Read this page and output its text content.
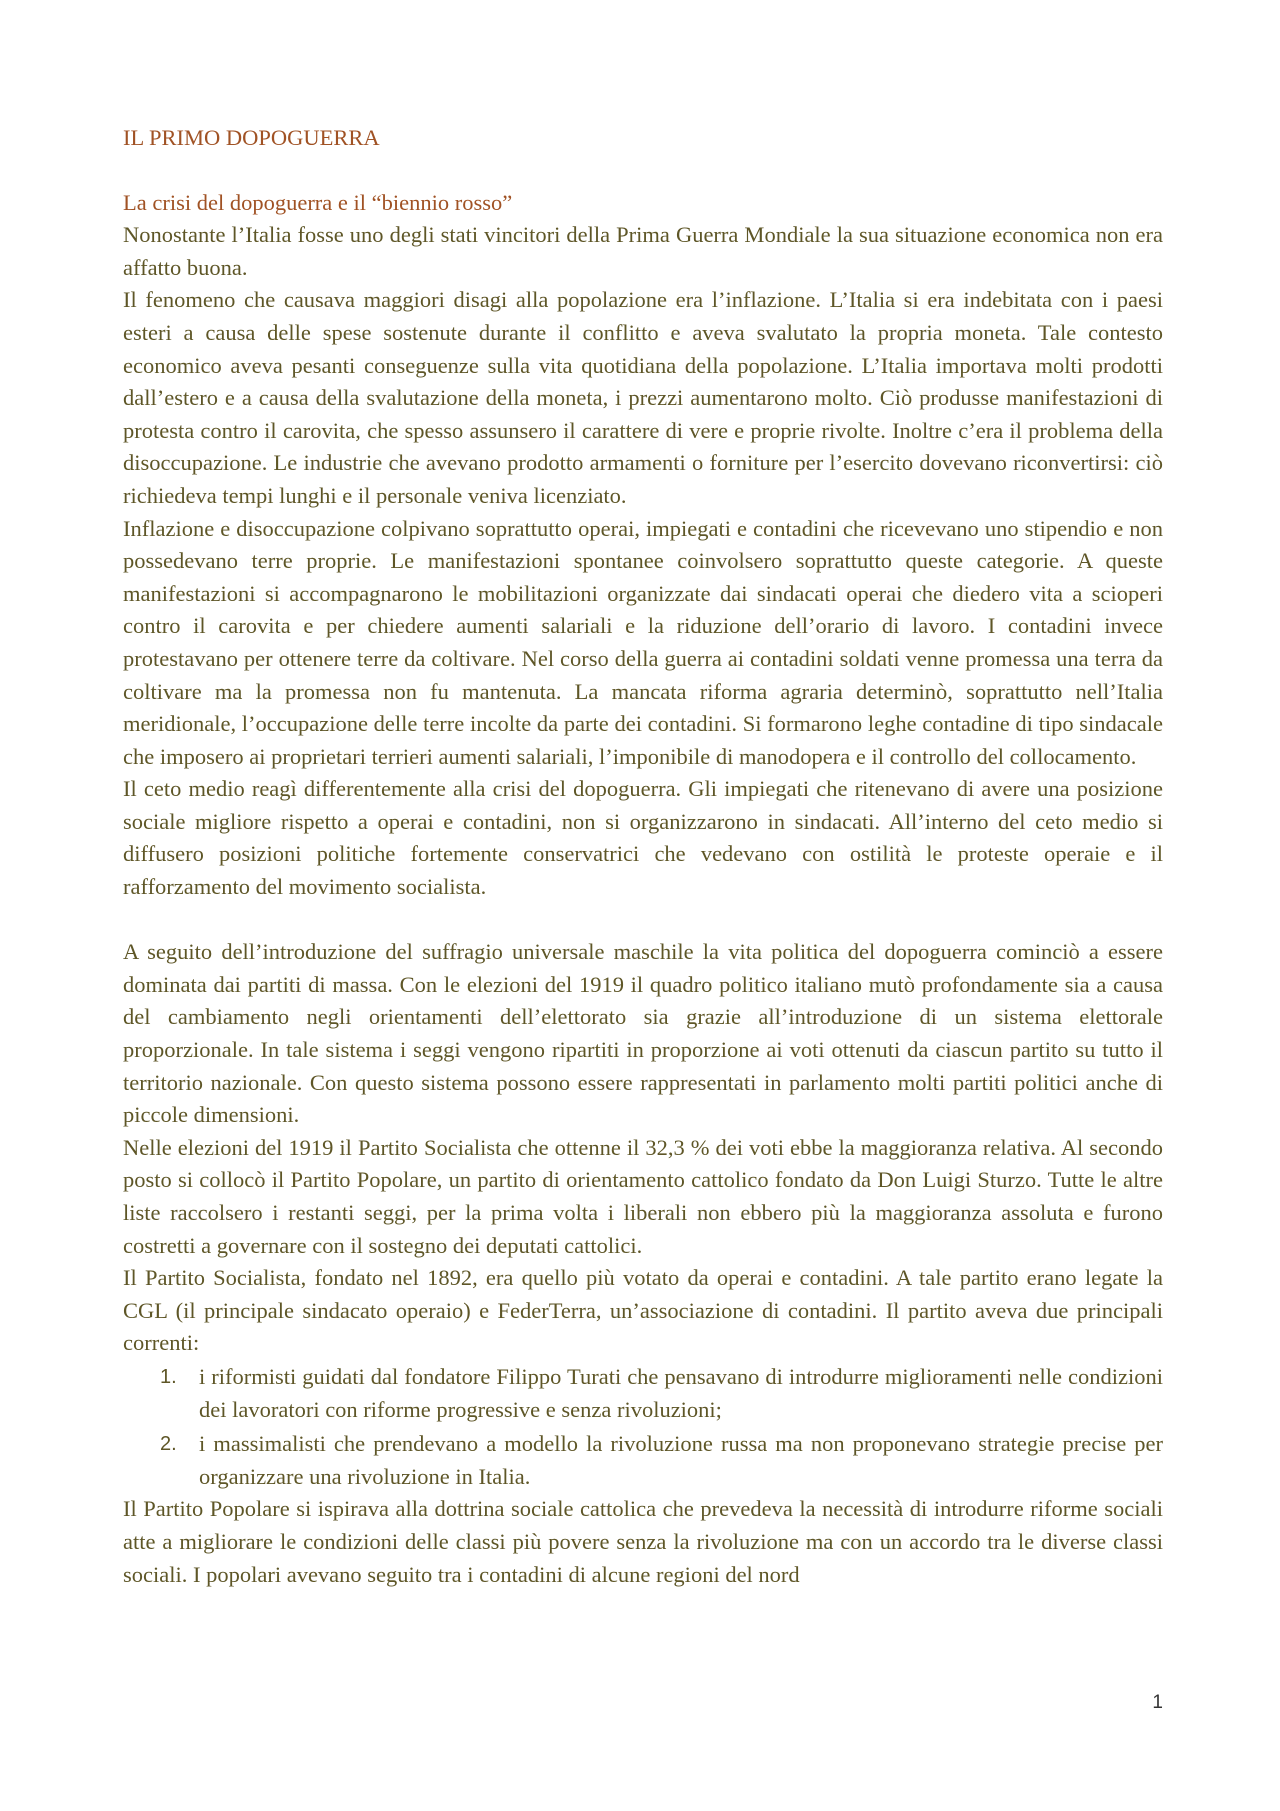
IL PRIMO DOPOGUERRA
La crisi del dopoguerra e il “biennio rosso”

Nonostante l’Italia fosse uno degli stati vincitori della Prima Guerra Mondiale la sua situazione economica non era affatto buona.

Il fenomeno che causava maggiori disagi alla popolazione era l’inflazione. L’Italia si era indebitata con i paesi esteri a causa delle spese sostenute durante il conflitto e aveva svalutato la propria moneta. Tale contesto economico aveva pesanti conseguenze sulla vita quotidiana della popolazione. L’Italia importava molti prodotti dall’estero e a causa della svalutazione della moneta, i prezzi aumentarono molto. Ciò produsse manifestazioni di protesta contro il carovita, che spesso assunsero il carattere di vere e proprie rivolte. Inoltre c’era il problema della disoccupazione. Le industrie che avevano prodotto armamenti o forniture per l’esercito dovevano riconvertirsi: ciò richiedeva tempi lunghi e il personale veniva licenziato.

Inflazione e disoccupazione colpivano soprattutto operai, impiegati e contadini che ricevevano uno stipendio e non possedevano terre proprie. Le manifestazioni spontanee coinvolsero soprattutto queste categorie. A queste manifestazioni si accompagnarono le mobilitazioni organizzate dai sindacati operai che diedero vita a scioperi contro il carovita e per chiedere aumenti salariali e la riduzione dell’orario di lavoro. I contadini invece protestavano per ottenere terre da coltivare. Nel corso della guerra ai contadini soldati venne promessa una terra da coltivare ma la promessa non fu mantenuta. La mancata riforma agraria determinò, soprattutto nell’Italia meridionale, l’occupazione delle terre incolte da parte dei contadini. Si formarono leghe contadine di tipo sindacale che imposero ai proprietari terrieri aumenti salariali, l’imponibile di manodopera e il controllo del collocamento.

Il ceto medio reagì differentemente alla crisi del dopoguerra. Gli impiegati che ritenevano di avere una posizione sociale migliore rispetto a operai e contadini, non si organizzarono in sindacati. All’interno del ceto medio si diffusero posizioni politiche fortemente conservatrici che vedevano con ostilità le proteste operaie e il rafforzamento del movimento socialista.

A seguito dell’introduzione del suffragio universale maschile la vita politica del dopoguerra cominciò a essere dominata dai partiti di massa. Con le elezioni del 1919 il quadro politico italiano mutò profondamente sia a causa del cambiamento negli orientamenti dell’elettorato sia grazie all’introduzione di un sistema elettorale proporzionale. In tale sistema i seggi vengono ripartiti in proporzione ai voti ottenuti da ciascun partito su tutto il territorio nazionale. Con questo sistema possono essere rappresentati in parlamento molti partiti politici anche di piccole dimensioni.

Nelle elezioni del 1919 il Partito Socialista che ottenne il 32,3 % dei voti ebbe la maggioranza relativa. Al secondo posto si collocò il Partito Popolare, un partito di orientamento cattolico fondato da Don Luigi Sturzo. Tutte le altre liste raccolsero i restanti seggi, per la prima volta i liberali non ebbero più la maggioranza assoluta e furono costretti a governare con il sostegno dei deputati cattolici.

Il Partito Socialista, fondato nel 1892, era quello più votato da operai e contadini. A tale partito erano legate la CGL (il principale sindacato operaio) e FederTerra, un’associazione di contadini. Il partito aveva due principali correnti:

1. i riformisti guidati dal fondatore Filippo Turati che pensavano di introdurre miglioramenti nelle condizioni dei lavoratori con riforme progressive e senza rivoluzioni;
2. i massimalisti che prendevano a modello la rivoluzione russa ma non proponevano strategie precise per organizzare una rivoluzione in Italia.

Il Partito Popolare si ispirava alla dottrina sociale cattolica che prevedeva la necessità di introdurre riforme sociali atte a migliorare le condizioni delle classi più povere senza la rivoluzione ma con un accordo tra le diverse classi sociali. I popolari avevano seguito tra i contadini di alcune regioni del nord

1
